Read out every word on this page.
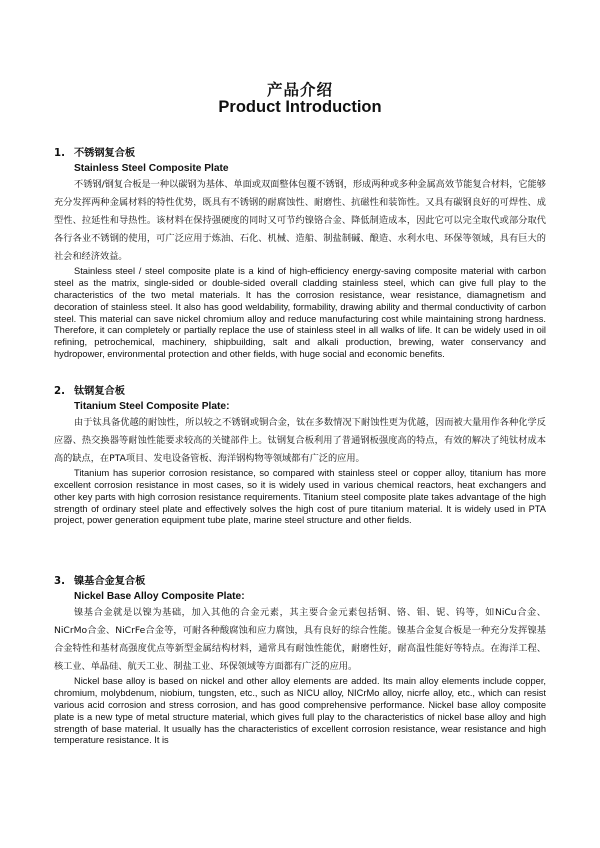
产品介绍
Product Introduction
1. 不锈钢复合板
Stainless Steel Composite Plate

不锈钢/钢复合板是一种以碳钢为基体、单面或双面整体包覆不锈钢，形成两种或多种金属高效节能复合材料，它能够充分发挥两种金属材料的特性优势，既具有不锈钢的耐腐蚀性、耐磨性、抗磁性和装饰性。又具有碳钢良好的可焊性、成型性、拉延性和导热性。该材料在保持强硬度的同时又可节约镍铬合金、降低制造成本，因此它可以完全取代或部分取代各行各业不锈钢的使用，可广泛应用于炼油、石化、机械、造船、制盐制碱、酿造、水利水电、环保等领域，具有巨大的社会和经济效益。

Stainless steel / steel composite plate is a kind of high-efficiency energy-saving composite material with carbon steel as the matrix, single-sided or double-sided overall cladding stainless steel, which can give full play to the characteristics of the two metal materials. It has the corrosion resistance, wear resistance, diamagnetism and decoration of stainless steel. It also has good weldability, formability, drawing ability and thermal conductivity of carbon steel. This material can save nickel chromium alloy and reduce manufacturing cost while maintaining strong hardness. Therefore, it can completely or partially replace the use of stainless steel in all walks of life. It can be widely used in oil refining, petrochemical, machinery, shipbuilding, salt and alkali production, brewing, water conservancy and hydropower, environmental protection and other fields, with huge social and economic benefits.

2. 钛钢复合板
Titanium Steel Composite Plate:

由于钛具备优越的耐蚀性，所以较之不锈钢或铜合金，钛在多数情况下耐蚀性更为优越，因而被大量用作各种化学反应器、热交换器等耐蚀性能要求较高的关键部件上。钛钢复合板利用了普通钢板强度高的特点，有效的解决了纯钛材成本高的缺点，在PTA项目、发电设备管板、海洋钢构物等领域都有广泛的应用。

Titanium has superior corrosion resistance, so compared with stainless steel or copper alloy, titanium has more excellent corrosion resistance in most cases, so it is widely used in various chemical reactors, heat exchangers and other key parts with high corrosion resistance requirements. Titanium steel composite plate takes advantage of the high strength of ordinary steel plate and effectively solves the high cost of pure titanium material. It is widely used in PTA project, power generation equipment tube plate, marine steel structure and other fields.

3. 镍基合金复合板
Nickel Base Alloy Composite Plate:

镍基合金就是以镍为基础，加入其他的合金元素，其主要合金元素包括铜、铬、钼、铌、钨等，如NiCu合金、NiCrMo合金、NiCrFe合金等，可耐各种酸腐蚀和应力腐蚀，具有良好的综合性能。镍基合金复合板是一种充分发挥镍基合金特性和基材高强度优点等新型金属结构材料，通常具有耐蚀性能优，耐磨性好，耐高温性能好等特点。在海洋工程、核工业、单晶硅、航天工业、制盐工业、环保领域等方面都有广泛的应用。

Nickel base alloy is based on nickel and other alloy elements are added. Its main alloy elements include copper, chromium, molybdenum, niobium, tungsten, etc., such as NICU alloy, NICrMo alloy, nicrfe alloy, etc., which can resist various acid corrosion and stress corrosion, and has good comprehensive performance. Nickel base alloy composite plate is a new type of metal structure material, which gives full play to the characteristics of nickel base alloy and high strength of base material. It usually has the characteristics of excellent corrosion resistance, wear resistance and high temperature resistance. It is
